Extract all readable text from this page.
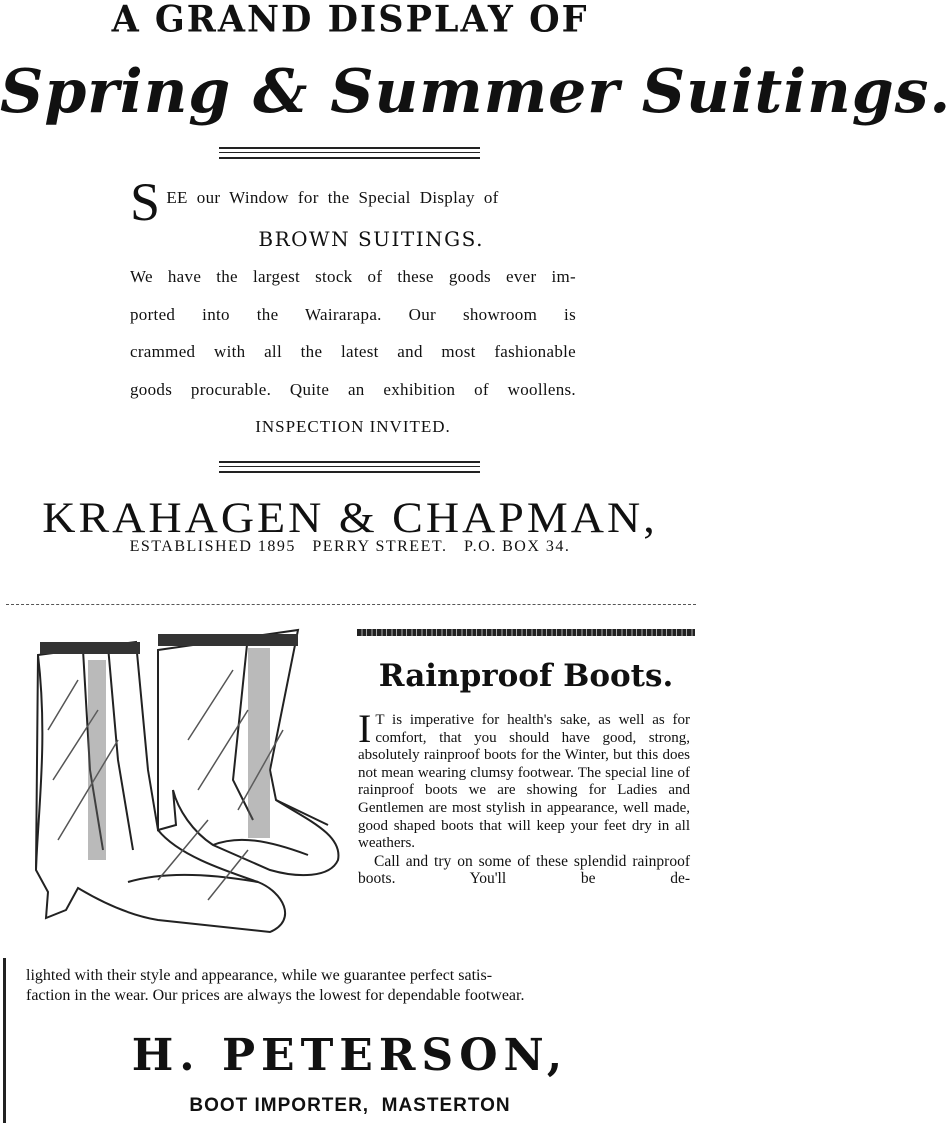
A GRAND DISPLAY OF
Spring & Summer Suitings.
S EE  our  Window  for  the  Special  Display  of
BROWN SUITINGS.
We have the largest stock of these goods ever im-
ported into the Wairarapa. Our showroom is
crammed with all the latest and most fashionable
goods procurable. Quite an exhibition of woollens.
INSPECTION INVITED.
KRAHAGEN & CHAPMAN,
ESTABLISHED 1895   PERRY STREET.   P.O. BOX 34.
Rainproof Boots.

I T is imperative for health's sake, as well as for comfort, that you should have good, strong, absolutely rainproof boots for the Winter, but this does not mean wearing clumsy footwear. The special line of rainproof boots we are showing for Ladies and Gentlemen are most stylish in appearance, well made, good shaped boots that will keep your feet dry in all weathers.

Call and try on some of these splendid rainproof boots. You'll be de-

lighted with their style and appearance, while we guarantee perfect satis-
faction in the wear. Our prices are always the lowest for dependable footwear.
H. PETERSON,
BOOT IMPORTER,  MASTERTON
